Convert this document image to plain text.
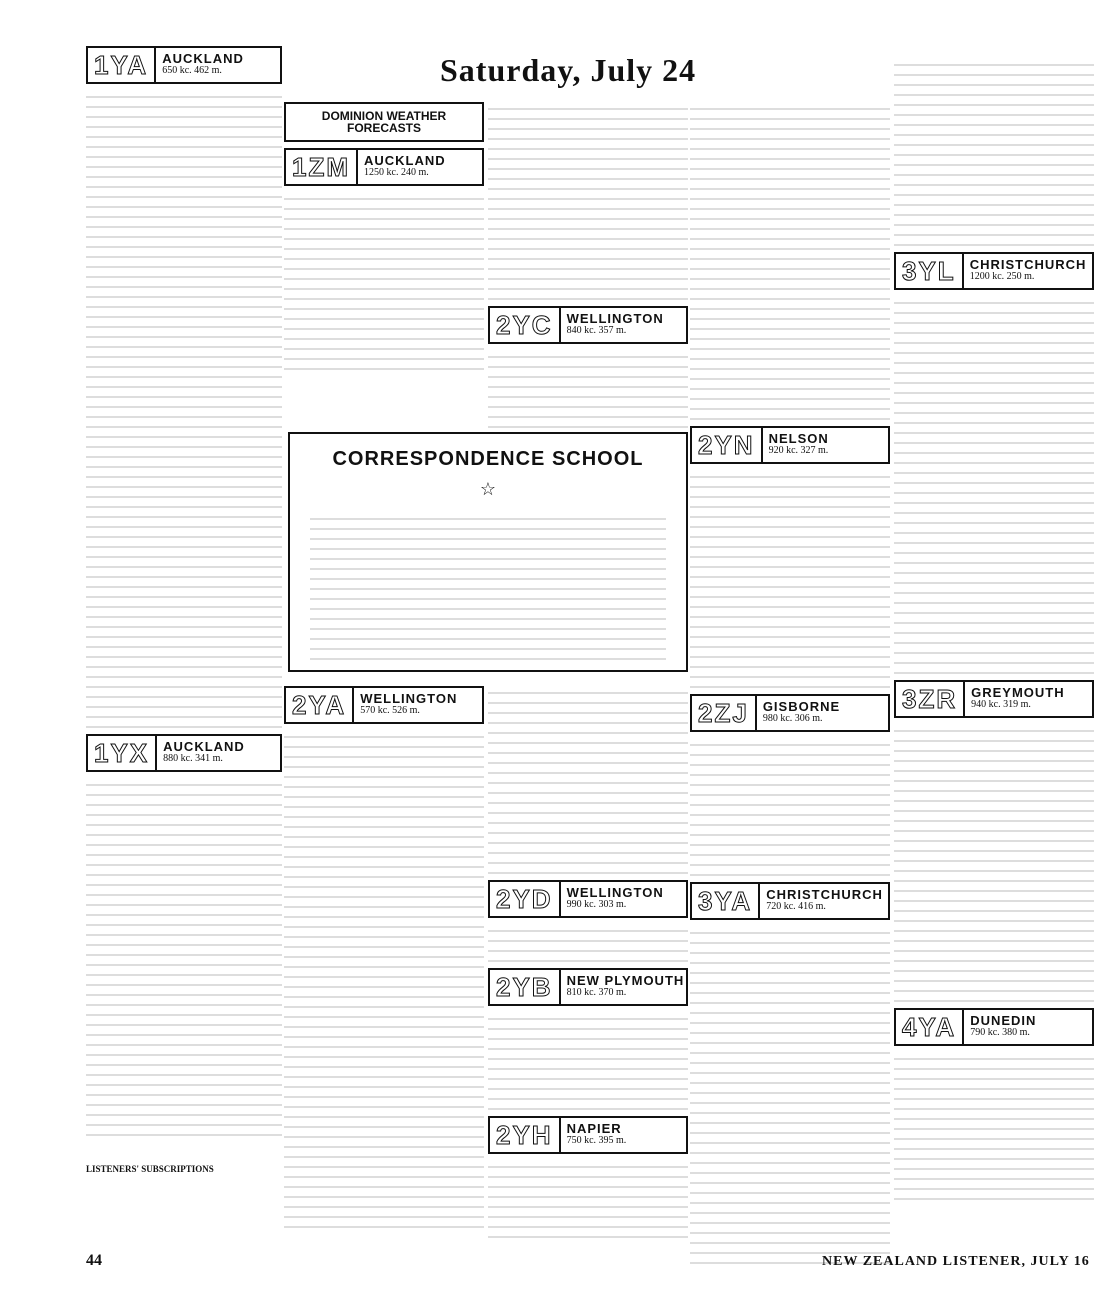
Saturday, July 24
1YA	AUCKLAND
650 kc. 462 m.
1YX	AUCKLAND
880 kc. 341 m.
DOMINION WEATHER FORECASTS
1ZM	AUCKLAND
1250 kc. 240 m.
CORRESPONDENCE SCHOOL
☆
2YA	WELLINGTON
570 kc. 526 m.
2YC	WELLINGTON
840 kc. 357 m.
2YD	WELLINGTON
990 kc. 303 m.
2YB	NEW PLYMOUTH
810 kc. 370 m.
2YH	NAPIER
750 kc. 395 m.
2YN	NELSON
920 kc. 327 m.
2ZJ	GISBORNE
980 kc. 306 m.
3YA	CHRISTCHURCH
720 kc. 416 m.
3YL	CHRISTCHURCH
1200 kc. 250 m.
3ZR	GREYMOUTH
940 kc. 319 m.
4YA	DUNEDIN
790 kc. 380 m.
LISTENERS' SUBSCRIPTIONS
44	NEW ZEALAND LISTENER, JULY 16
